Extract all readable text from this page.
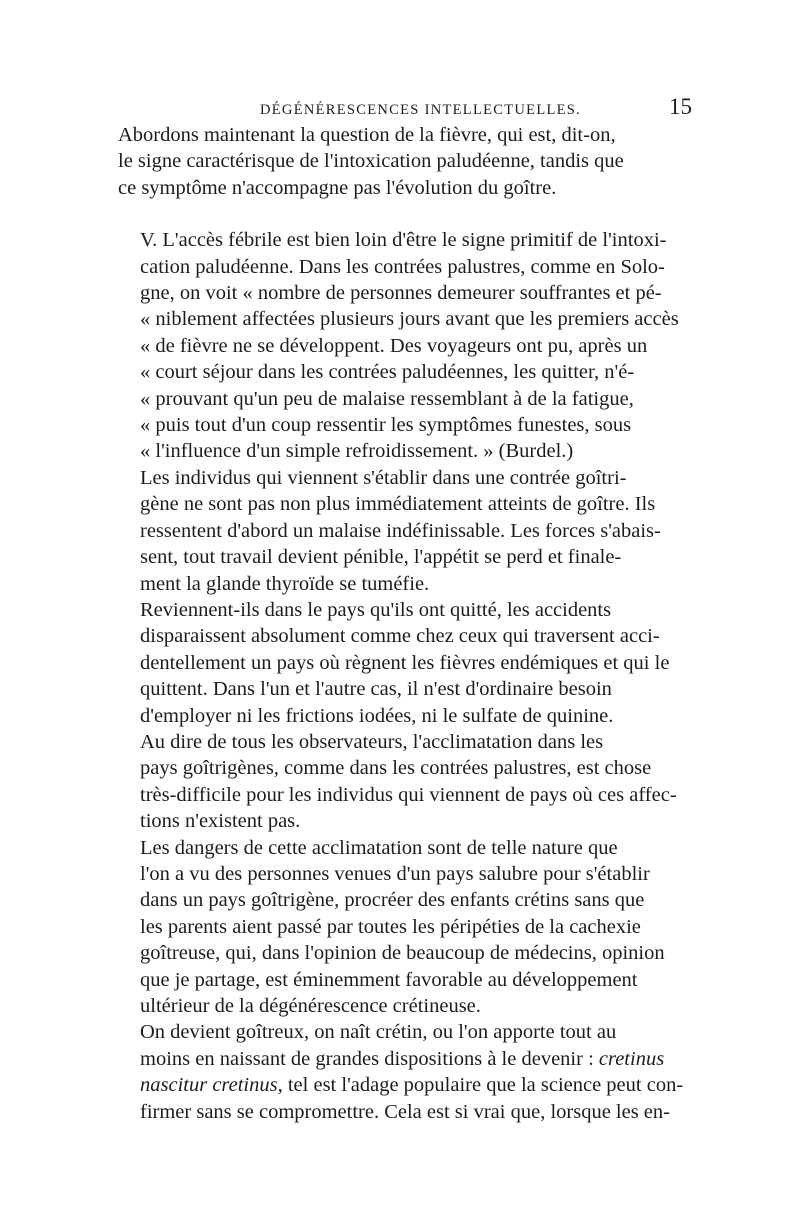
DÉGÉNÉRESCENCES INTELLECTUELLES.	15

Abordons maintenant la question de la fièvre, qui est, dit-on,
le signe caractérisque de l'intoxication paludéenne, tandis que
ce symptôme n'accompagne pas l'évolution du goître.

V. L'accès fébrile est bien loin d'être le signe primitif de l'intoxi-
cation paludéenne. Dans les contrées palustres, comme en Solo-
gne, on voit « nombre de personnes demeurer souffrantes et pé-
« niblement affectées plusieurs jours avant que les premiers accès
« de fièvre ne se développent. Des voyageurs ont pu, après un
« court séjour dans les contrées paludéennes, les quitter, n'é-
« prouvant qu'un peu de malaise ressemblant à de la fatigue,
« puis tout d'un coup ressentir les symptômes funestes, sous
« l'influence d'un simple refroidissement. » (Burdel.)

Les individus qui viennent s'établir dans une contrée goîtri-
gène ne sont pas non plus immédiatement atteints de goître. Ils
ressentent d'abord un malaise indéfinissable. Les forces s'abais-
sent, tout travail devient pénible, l'appétit se perd et finale-
ment la glande thyroïde se tuméfie.

Reviennent-ils dans le pays qu'ils ont quitté, les accidents
disparaissent absolument comme chez ceux qui traversent acci-
dentellement un pays où règnent les fièvres endémiques et qui le
quittent. Dans l'un et l'autre cas, il n'est d'ordinaire besoin
d'employer ni les frictions iodées, ni le sulfate de quinine.

Au dire de tous les observateurs, l'acclimatation dans les
pays goîtrigènes, comme dans les contrées palustres, est chose
très-difficile pour les individus qui viennent de pays où ces affec-
tions n'existent pas.

Les dangers de cette acclimatation sont de telle nature que
l'on a vu des personnes venues d'un pays salubre pour s'établir
dans un pays goîtrigène, procréer des enfants crétins sans que
les parents aient passé par toutes les péripéties de la cachexie
goîtreuse, qui, dans l'opinion de beaucoup de médecins, opinion
que je partage, est éminemment favorable au développement
ultérieur de la dégénérescence crétineuse.

On devient goîtreux, on naît crétin, ou l'on apporte tout au
moins en naissant de grandes dispositions à le devenir : cretinus
nascitur cretinus, tel est l'adage populaire que la science peut con-
firmer sans se compromettre. Cela est si vrai que, lorsque les en-
